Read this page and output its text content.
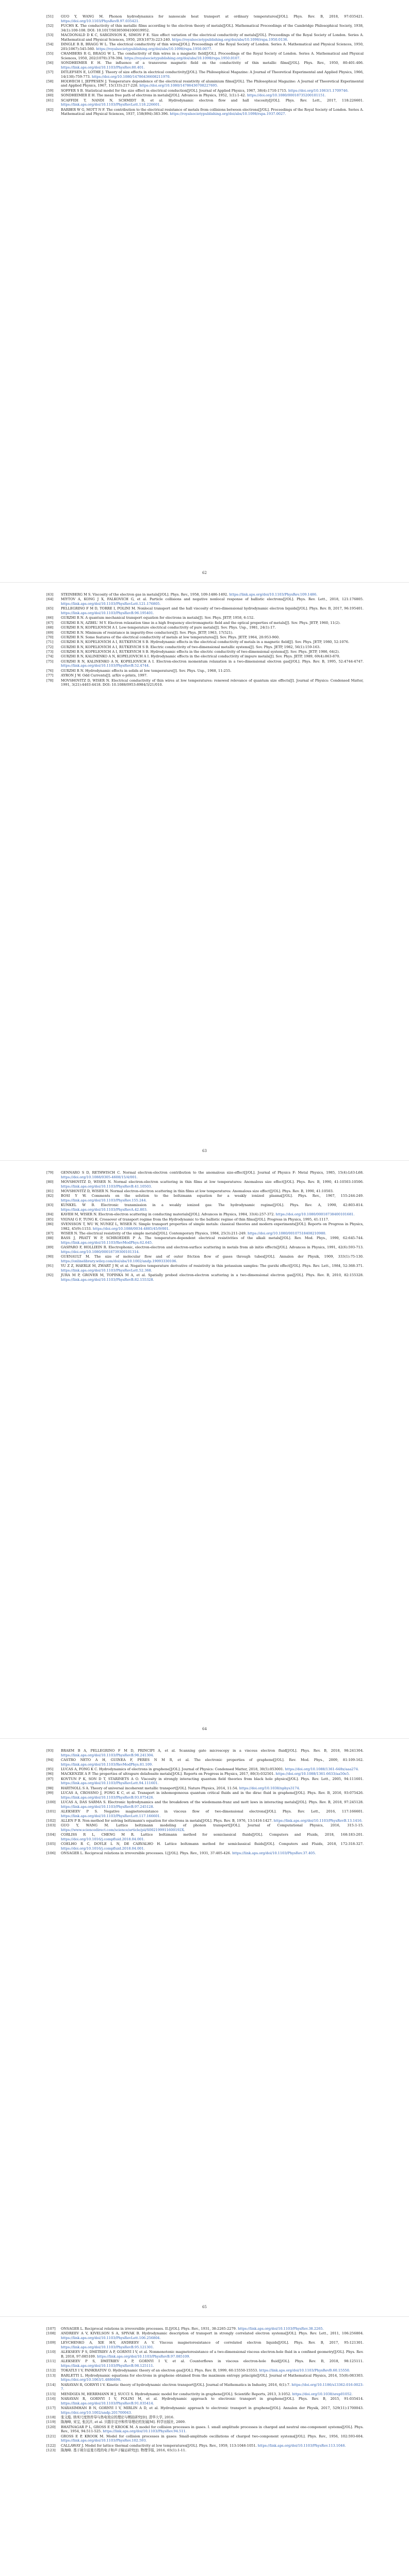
[51]	GUO Y, WANG M. Phonon hydrodynamics for nanoscale heat transport at ordinary temperatures[J/OL]. Phys. Rev. B, 2018, 97:035421. https://doi.org/10.1103/PhysRevB.97.035421.
[52]	FUCHS K. The conductivity of thin metallic films according to the electron theory of metals[J/OL]. Mathematical Proceedings of the Cambridge Philosophical Society, 1938, 34(1):100-108. DOI: 10.1017/S0305004100019952.
[53]	MACDONALD D K C, SARGINSON K, SIMON F E. Size effect variation of the electrical conductivity of metals[J/OL]. Proceedings of the Royal Society of London. Series A. Mathematical and Physical Sciences, 1950, 203(1073):223-240. https://royalsocietypublishing.org/doi/abs/10.1098/rspa.1950.0136.
[54]	DINGLE R B, BRAGG W L. The electrical conductivity of thin wires[J/OL]. Proceedings of the Royal Society of London. Series A. Mathematical and Physical Sciences, 1950, 201(1067):545-560. https://royalsocietypublishing.org/doi/abs/10.1098/rspa.1950.0077.
[55]	CHAMBERS R G, BRAGG W L. The conductivity of thin wires in a magnetic field[J/OL]. Proceedings of the Royal Society of London. Series A. Mathematical and Physical Sciences, 1950, 202(1070):378-394. https://royalsocietypublishing.org/doi/abs/10.1098/rspa.1950.0107.
[56]	SONDHEIMER E H. The influence of a transverse magnetic field on the conductivity of thin metallic films[J/OL]. Phys. Rev., 1950, 80:401-406. https://link.aps.org/doi/10.1103/PhysRev.80.401.
[57]	DITLEFSEN E, LOTHE J. Theory of size effects in electrical conductivity[J/OL]. The Philosophical Magazine: A Journal of Theoretical Experimental and Applied Physics, 1966, 14(130):759-773. https://doi.org/10.1080/14786436608211970.
[58]	HOLWECH I, JEPPESEN J. Temperature dependence of the electrical resistivity of aluminium films[J/OL]. The Philosophical Magazine: A Journal of Theoretical Experimental and Applied Physics, 1967, 15(133):217-228. https://doi.org/10.1080/14786436708227695.
[59]	SOFFER S B. Statistical model for the size effect in electrical conduction[J/OL]. Journal of Applied Physics, 1967, 38(4):1710-1715. https://doi.org/10.1063/1.1709746.
[60]	SONDHEIMER E H. The mean free path of electrons in metals[J/OL]. Advances in Physics, 1952, 1(1):1-42. https://doi.org/10.1080/00018735200101151.
[61]	SCAFFIDI T, NANDI N, SCHMIDT B, et al. Hydrodynamic electron flow and hall viscosity[J/OL]. Phys. Rev. Lett., 2017, 118:226601. https://link.aps.org/doi/10.1103/PhysRevLett.118.226601.
[62]	BARBER W G, MOTT N F. The contribution to the electrical resistance of metals from collisions between electrons[J/OL]. Proceedings of the Royal Society of London. Series A. Mathematical and Physical Sciences, 1937, 158(894):383-396. https://royalsocietypublishing.org/doi/abs/10.1098/rspa.1937.0027.
62
[63]	STEINBERG M S. Viscosity of the electron gas in metals[J/OL]. Phys. Rev., 1958, 109:1486-1492. https://link.aps.org/doi/10.1103/PhysRev.109.1486.
[64]	MIYTOV A, KONG J X, FALKOVICH G, et al. Particle collisions and negative nonlocal response of ballistic electrons[J/OL]. Phys. Rev. Lett., 2018, 121:176805. https://link.aps.org/doi/10.1103/PhysRevLett.121.176805.
[65]	PELLEGRINO F M D, TORRE I, POLINI M. Nonlocal transport and the hall viscosity of two-dimensional hydrodynamic electron liquids[J/OL]. Phys. Rev. B, 2017, 96:195401. https://link.aps.org/doi/10.1103/PhysRevB.96.195401.
[66]	GURZHI R N. A quantum mechanical transport equation for electrons in metals[J]. Sov. Phys. JETP, 1958, 6:152.
[67]	GURZHI R N, AZBEL' M Y. Electron relaxation time in a high frequency electromagnetic field and the optical properties of metals[J]. Sov. Phys. JETP, 1960, 11(2).
[68]	GURZHI R N, KOPELIOVICH A I. Low-temperature electrical conductivity of pure metals[J]. Sov. Phys. Usp., 1981, 24(1):17.
[69]	GURZHI R N. Minimum of resistance in impurity-free conductors[J]. Sov. Phys. JETP, 1963, 17(521).
[70]	GURZHI R N. Some features of the electrical conductivity of metals at low temperatures[J]. Sov. Phys. JETP, 1964, 20:953-960.
[71]	GURZHI R N, KOPELIOVICH A I, RUTKEVICH S B. Hydrodynamic effects in the electrical conductivity of metals in a magnetic field[J]. Sov. Phys. JETP, 1980, 52:1076.
[72]	GURZHI R N, KOPELIOVICH A I, RUTKEVICH S B. Electric conductivity of two-dimensional metallic systems[J]. Sov. Phys. JETP, 1982, 56(1):159-163.
[73]	GURZHI R N, KOPELIOVICH A I, RUTKEVICH S B. Hydrodynamic effects in the electric conductivity of two-dimensional systems[J]. Sov. Phys. JETP, 1986, 64(2).
[74]	GURZHI R N, KALINENKO A N, KOPELIOVICH A I. Hydrodynamic effects in the electrical conductivity of impure metals[J]. Sov. Phys. JETP, 1989, 69(4):863-870.
[75]	GURZHI R N, KALINENKO A N, KOPELIOVICH A I. Electron-electron momentum relaxation in a two-dimensional electron gas[J/OL]. Phys. Rev. B, 1995, 52:4744-4747. https://link.aps.org/doi/10.1103/PhysRevB.52.4744.
[76]	GURZHI R N. Hydrodynamic effects in solids at low temperature[J]. Sov. Phys. Usp., 1968, 11:255.
[77]	AYRON J W. Odd Currents[J]. arXiv e-prints, 1997.
[78]	MOVSHOVITZ D, WISER N. Electrical conductivity of thin wires at low temperatures: renewed relevance of quantum size effects[J]. Journal of Physics: Condensed Matter, 1991, 3(21):4403-4418. DOI: 10.1088/0953-8984/3/21/010.
63
[79]	GENNARO S D, RETHWISCH C. Normal electron-electron contribution to the anomalous size-effect[J/OL]. Journal of Physics F: Metal Physics, 1985, 15(4):L63-L68. https://doi.org/10.1088/0305-4608/15/4/001.
[80]	MOVSHOVITZ D, WISER N. Normal electron-electron scattering in thin films at low temperatures: Anomalous size effect[J/OL]. Phys. Rev. B, 1990, 41:10503-10506. https://link.aps.org/doi/10.1103/PhysRevB.41.10503.
[81]	MOVSHOVITZ D, WISER N. Normal electron-electron scattering in thin films at low temperatures: Anomalous size effect[J/OL]. Phys. Rev. B, 1990, 41:10503.
[82]	BOSI Y W. Comments on the solution to the boltzmann equation for a weakly ionized plasma[J/OL]. Phys. Rev., 1967, 155:244-249. https://link.aps.org/doi/10.1103/PhysRev.155.244.
[83]	KUNKEL W B. Electronic transmission in a weakly ionized gas: The hydrodynamic regime[J/OL]. Phys. Rev. A, 1990, 42:803-814. https://link.aps.org/doi/10.1103/PhysRevA.42.803.
[84]	KAVEH M, WISER N. Electron-electron scattering in conducting materials[J/OL]. Advances in Physics, 1984, 33(4):257-372. https://doi.org/10.1080/00018738400101681.
[85]	VIGNAI G F, TUNG K. Crossover of transport regime from the Hydrodynamic to the ballistic regime of thin films[J/OL]. Progress in Physics, 1995, 41:1117.
[86]	SVENSSON T, WU W, NUNEZ L, WISER N. Simple transport properties of simple metals: classical theories and modern experiments[J/OL]. Reports on Progress in Physics, 1982, 45(9):1153. https://doi.org/10.1088/0034-4885/45/9/001.
[87]	WISER N. The electrical resistivity of the simple metals[J/OL]. Contemporary Physics, 1984, 25(3):211-249. https://doi.org/10.1080/00107518408210980.
[88]	BASS J, PRATT W P, SCHROEDER P A. The temperature-dependent electrical resistivities of the alkali metals[J/OL]. Rev. Mod. Phys., 1990, 62:645-744. https://link.aps.org/doi/10.1103/RevModPhys.62.645.
[89]	GASPARO F, HOLLIEIN R. Electrophonic, electron-electron and electron-surface scattering in metals from ab initio effects[J/OL]. Advances in Physics, 1991, 42(6):593-713. https://doi.org/10.1080/00018739300101314.
[90]	GUENAULT M. The size of molecular flow and of outer friction flow of gases through tubes[J/OL]. Annalen der Physik, 1909, 333(1):75-130. https://onlinelibrary.wiley.com/doi/abs/10.1002/andp.19093330106.
[91]	YU Z Z, HAERLE M, ZWART J W, et al. Negative temperature derivative of resistivity in thin potassium samples: The gurzhi effect[J/OL]. Phys. Rev. Lett., 1984, 52:368-371. https://link.aps.org/doi/10.1103/PhysRevLett.52.368.
[92]	JURA M P, GROVER M, TOPINKA M A, et al. Spatially probed electron-electron scattering in a two-dimensional electron gas[J/OL]. Phys. Rev. B, 2010, 82:155328. https://link.aps.org/doi/10.1103/PhysRevB.82.155328.
64
[93]	BRAEM B A, PELLEGRINO F M D, PRINCIPI A, et al. Scanning gate microscopy in a viscous electron fluid[J/OL]. Phys. Rev. B, 2018, 98:241304. https://link.aps.org/doi/10.1103/PhysRevB.98.241304.
[94]	CASTRO NETO A H, GUINEA F, PERES N M R, et al. The electronic properties of graphene[J/OL]. Rev. Mod. Phys., 2009, 81:109-162. https://link.aps.org/doi/10.1103/RevModPhys.81.109.
[95]	LUCAS A, FONG K C. Hydrodynamics of electrons in graphene[J/OL]. Journal of Physics: Condensed Matter, 2018, 30(5):053001. https://doi.org/10.1088/1361-648x/aaa274.
[96]	MACKENZIE A P. The properties of ultrapure delafossite metals[J/OL]. Reports on Progress in Physics, 2017, 80(3):032501. https://doi.org/10.1088/1361-6633/aa50e5.
[97]	KOVTUN P K, SON D T, STARINETS A O. Viscosity in strongly interacting quantum field theories from black hole physics[J/OL]. Phys. Rev. Lett., 2005, 94:111601. https://link.aps.org/doi/10.1103/PhysRevLett.94.111601.
[98]	HARTNOLL S A. Theory of universal incoherent metallic transport[J/OL]. Nature Physics, 2014, 11:54. https://doi.org/10.1038/nphys3174.
[99]	LUCAS A, CROSSNO J, FONG K C, et al. Transport in inhomogeneous quantum critical fluids and in the dirac fluid in graphene[J/OL]. Phys. Rev. B, 2016, 93:075426. https://link.aps.org/doi/10.1103/PhysRevB.93.075426.
[100]	LUCAS A, DAS SARMA S. Electronic hydrodynamics and the breakdown of the wiedemann-franz and mott laws in interacting metals[J/OL]. Phys. Rev. B, 2018, 97:245128. https://link.aps.org/doi/10.1103/PhysRevB.97.245128.
[101]	ALEKSEEV P S. Negative magnetoresistance in viscous flow of two-dimensional electrons[J/OL]. Phys. Rev. Lett., 2016, 117:166601. https://link.aps.org/doi/10.1103/PhysRevLett.117.166601.
[102]	ALLEN P B. Non-method for solving boltzmann's equation for electrons in metals[J/OL]. Phys. Rev. B, 1976, 13:1416-1427. https://link.aps.org/doi/10.1103/PhysRevB.13.1416.
[103]	GUO Y, WANG M. Lattice boltzmann modeling of phonon transport[J/OL]. Journal of Computational Physics, 2016, 315:1-15. https://www.sciencedirect.com/science/article/pii/S002199911600192X.
[104]	CORLISS R L, CHENG M R. Lattice boltzmann method for semiclassical fluids[J/OL]. Computers and Fluids, 2018, 168:183-201. https://doi.org/10.1016/j.compfluid.2018.04.001.
[105]	COELHO R C, DOYLE L N, DE CARVALHO H. Lattice boltzmann method for semiclassical fluids[J/OL]. Computers and Fluids, 2018, 172:318-327. https://doi.org/10.1016/j.compfluid.2018.04.001.
[106]	ONSAGER L. Reciprocal relations in irreversible processes. I.[J/OL]. Phys. Rev., 1931, 37:405-426. https://link.aps.org/doi/10.1103/PhysRev.37.405.
65
[107]	ONSAGER L. Reciprocal relations in irreversible processes. II.[J/OL]. Phys. Rev., 1931, 38:2265-2279. https://link.aps.org/doi/10.1103/PhysRev.38.2265.
[108]	ANDREEV A V, KIVELSON S A, SPIVAK B. Hydrodynamic description of transport in strongly correlated electron systems[J/OL]. Phys. Rev. Lett., 2011, 106:256804. https://link.aps.org/doi/10.1103/PhysRevLett.106.256804.
[109]	LEVCHENKO A, XIE H-Y, ANDREEV A V. Viscous magnetoresistance of correlated electron liquids[J/OL]. Phys. Rev. B, 2017, 95:121301. https://link.aps.org/doi/10.1103/PhysRevB.95.121301.
[110]	ALEKSEEV P S, DMITRIEV A P, GORNYI I V, et al. Nonmonotonic magnetoresistance of a two-dimensional viscous electron-hole fluid in a confined geometry[J/OL]. Phys. Rev. B, 2018, 97:085109. https://link.aps.org/doi/10.1103/PhysRevB.97.085109.
[111]	ALEKSEEV P S, DMITRIEV A P, GORNYI I V, et al. Counterflows in viscous electron-hole fluid[J/OL]. Phys. Rev. B, 2018, 98:125111. https://link.aps.org/doi/10.1103/PhysRevB.98.125111.
[112]	TOKATLY I V, PANKRATOV O. Hydrodynamic theory of an electron gas[J/OL]. Phys. Rev. B, 1999, 60:15550-15553. https://link.aps.org/doi/10.1103/PhysRevB.60.15550.
[113]	BARLETTI L. Hydrodynamic equations for electrons in graphene obtained from the maximum entropy principle[J/OL]. Journal of Mathematical Physics, 2014, 55(8):083303. https://doi.org/10.1063/1.4886698.
[114]	NARAYAN R, GORNYI I V. Kinetic theory of hydrodynamic electron transport[J/OL]. Journal of Mathematics in Industry, 2016, 6(1):7. https://doi.org/10.1186/s13362-016-0023-7.
[115]	MENDOZA M, HERRMANN H J, SUCCI S. Hydrodynamic model for conductivity in graphene[J/OL]. Scientific Reports, 2013, 3:1052. https://doi.org/10.1038/srep01052.
[116]	NARAYAN R, GORNYI I V, POLINI M, et al. Hydrodynamic approach to electronic transport in graphene[J/OL]. Phys. Rev. B, 2015, 91:035414. https://link.aps.org/doi/10.1103/PhysRevB.91.035414.
[117]	NARASIMHAN B N, GORNYI I V, MIRLIN A D, et al. Hydrodynamic approach to electronic transport in graphene[J/OL]. Annalen der Physik, 2017, 529(11):1700043. https://doi.org/10.1002/andp.201700043.
[118]	张文彪. 纳米尺度热传导与热电效应的理论与模拟研究[D]. 清华大学, 2016.
[119]	陈海峰, 宋宝, 张沉洋, et al. 贝散尔定序和传导理论的发展[M]. 科学出版社, 2009.
[120]	BHATNAGAR P L, GROSS E P, KROOK M. A model for collision processes in gases. I. small amplitude processes in charged and neutral one-component systems[J/OL]. Phys. Rev., 1954, 94:511-525. https://link.aps.org/doi/10.1103/PhysRev.94.511.
[121]	GROSS E P, KROOK M. Model for collision processes in gases: Small-amplitude oscillations of charged two-component systems[J/OL]. Phys. Rev., 1956, 102:593-604. https://link.aps.org/doi/10.1103/PhysRev.102.593.
[122]	CALLAWAY J. Model for lattice thermal conductivity at low temperatures[J/OL]. Phys. Rev., 1959, 113:1046-1051. https://link.aps.org/doi/10.1103/PhysRev.113.1046.
[123]	陈海峰. 基于玻尔兹曼方程的电子和声子输运研究[J]. 物理学报, 2016, 65(1):1-11.
